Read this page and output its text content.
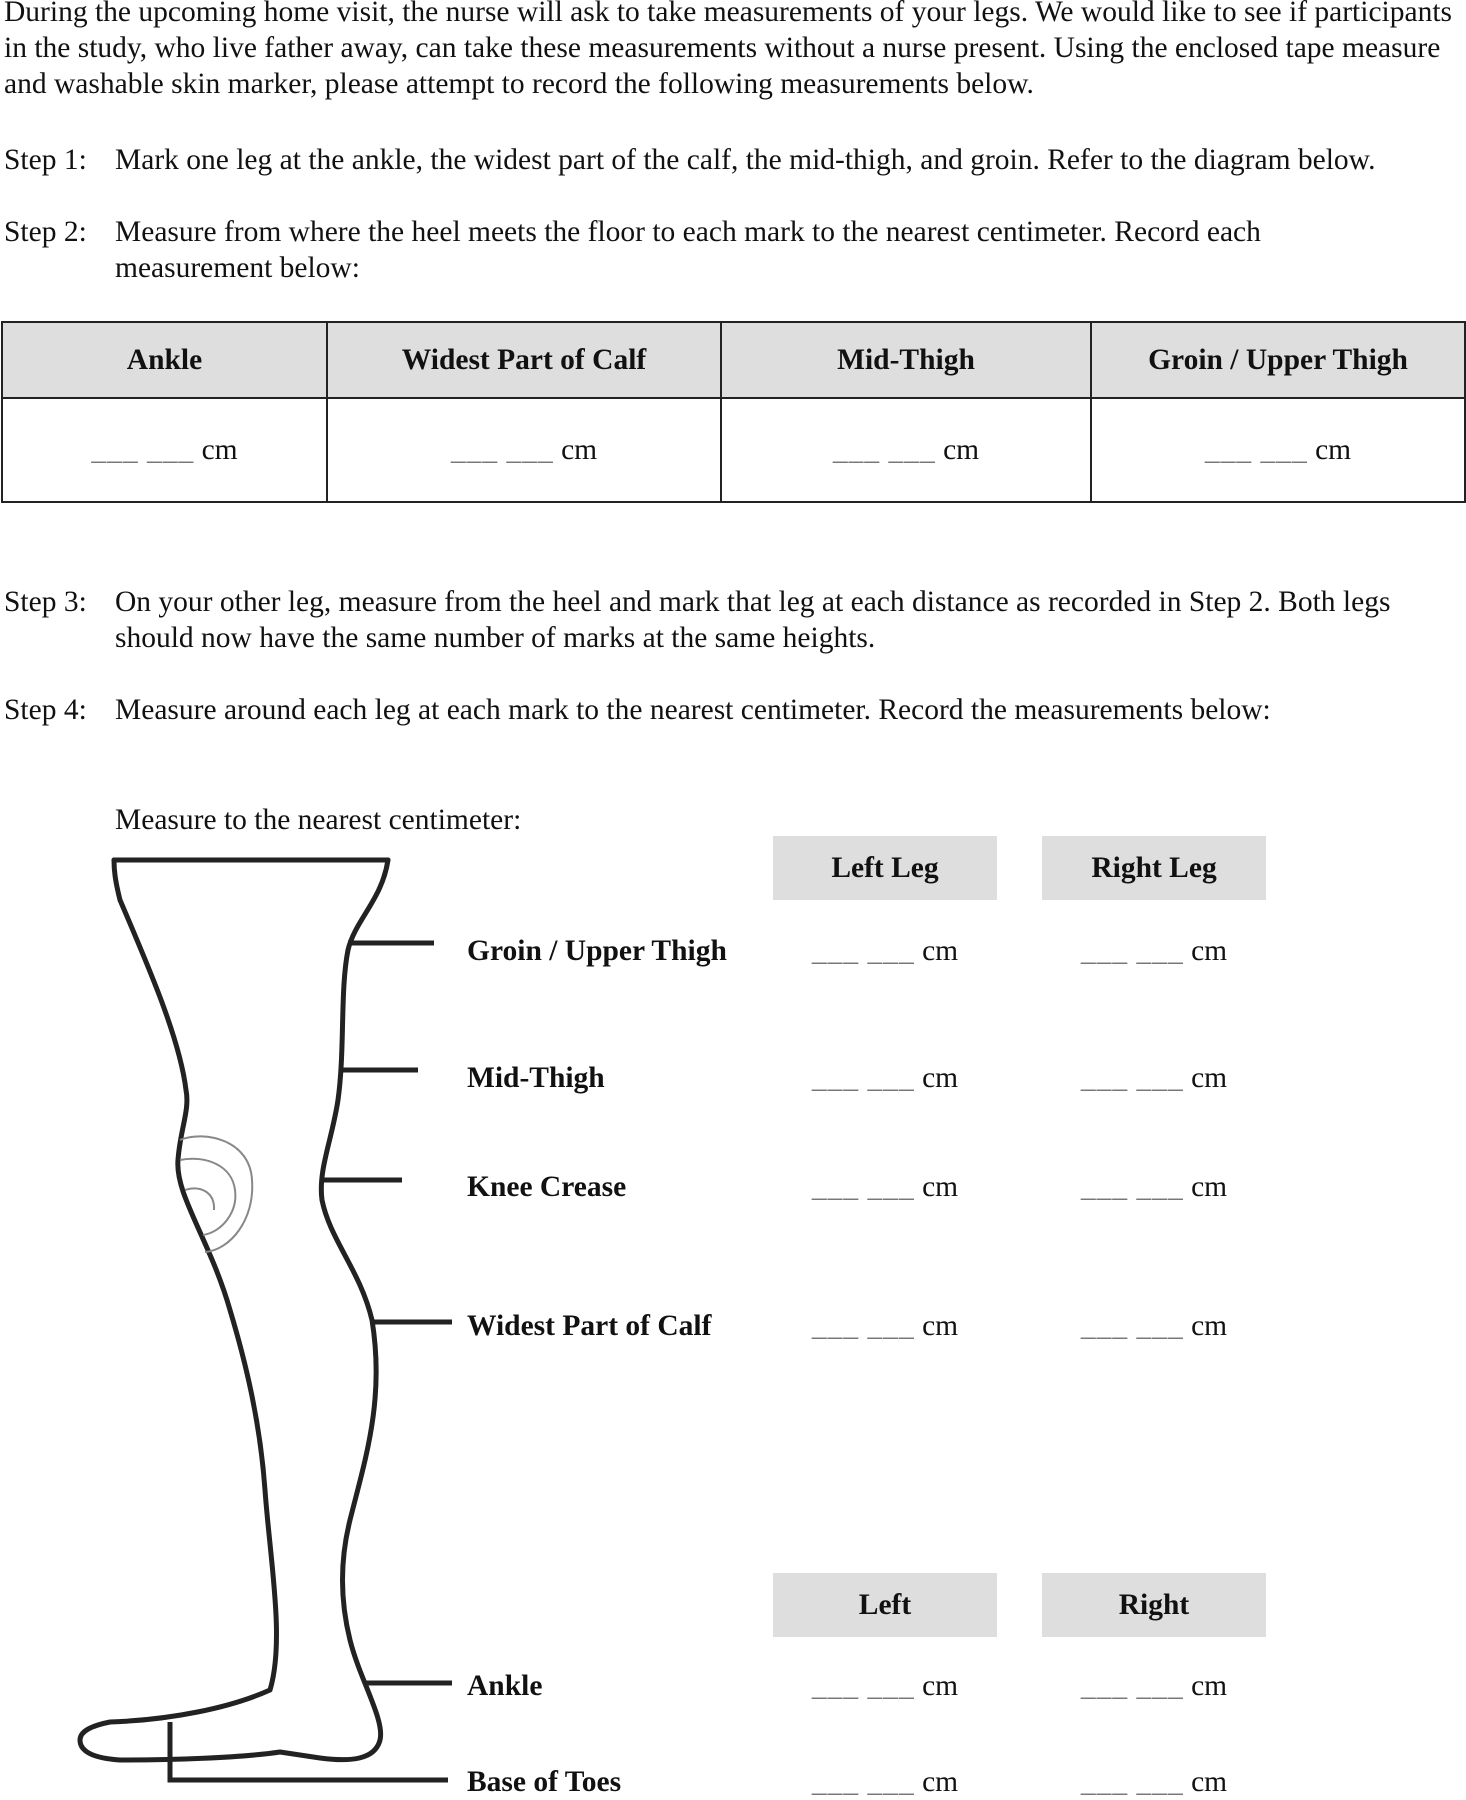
During the upcoming home visit, the nurse will ask to take measurements of your legs. We would like to see if participants in the study, who live father away, can take these measurements without a nurse present. Using the enclosed tape measure and washable skin marker, please attempt to record the following measurements below.

Step 1: Mark one leg at the ankle, the widest part of the calf, the mid-thigh, and groin. Refer to the diagram below.
Step 2: Measure from where the heel meets the floor to each mark to the nearest centimeter. Record each measurement below:
Ankle	Widest Part of Calf	Mid-Thigh	Groin / Upper Thigh
___ ___ cm	___ ___ cm	___ ___ cm	___ ___ cm
Step 3: On your other leg, measure from the heel and mark that leg at each distance as recorded in Step 2. Both legs should now have the same number of marks at the same heights.
Step 4: Measure around each leg at each mark to the nearest centimeter. Record the measurements below:
Measure to the nearest centimeter:
Left Leg	Right Leg
Left	Right
Groin / Upper Thigh	___ ___ cm	___ ___ cm
Mid-Thigh	___ ___ cm	___ ___ cm
Knee Crease	___ ___ cm	___ ___ cm
Widest Part of Calf	___ ___ cm	___ ___ cm
Ankle	___ ___ cm	___ ___ cm
Base of Toes	___ ___ cm	___ ___ cm
